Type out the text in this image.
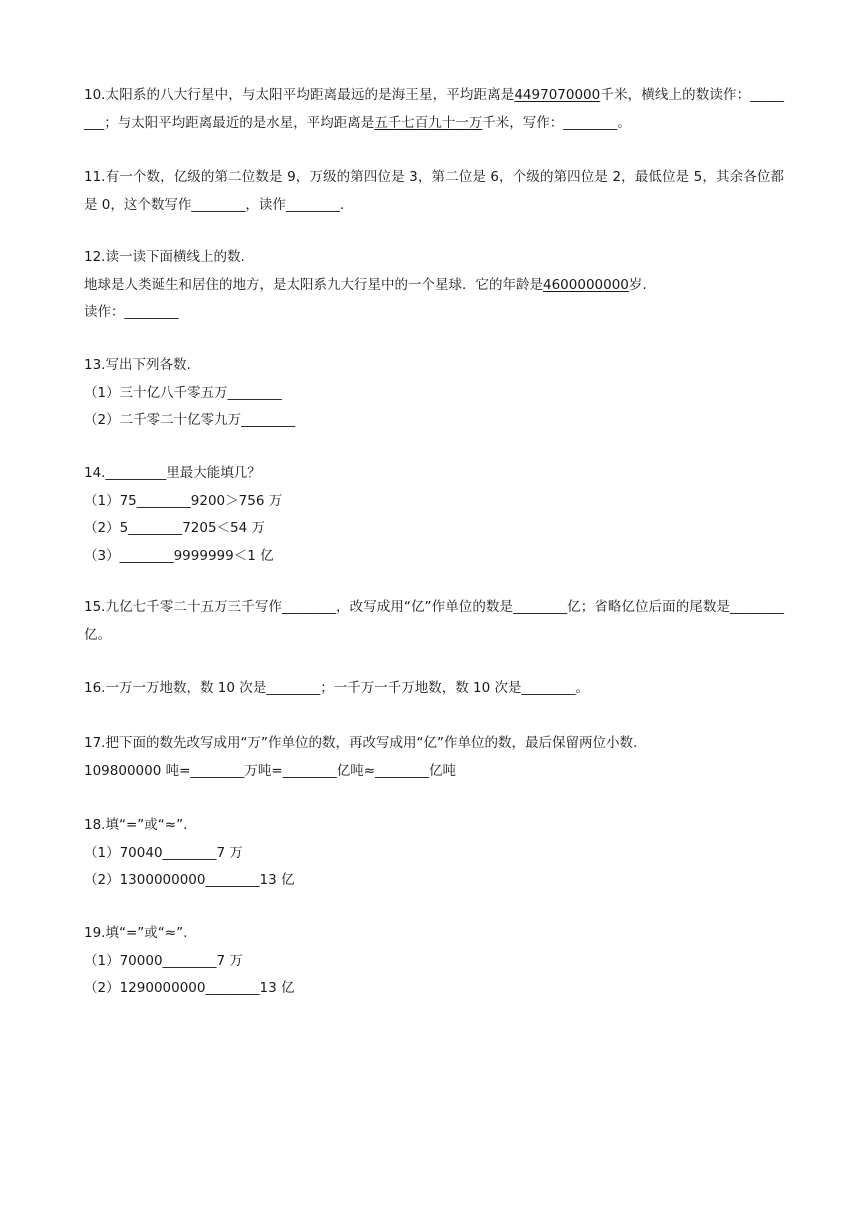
10.太阳系的八大行星中，与太阳平均距离最远的是海王星，平均距离是4497070000千米，横线上的数读作：________；与太阳平均距离最近的是水星，平均距离是五千七百九十一万千米，写作：________。
11.有一个数，亿级的第二位数是 9，万级的第四位是 3，第二位是 6，个级的第四位是 2，最低位是 5，其余各位都是 0，这个数写作________，读作________.
12.读一读下面横线上的数.
地球是人类诞生和居住的地方，是太阳系九大行星中的一个星球．它的年龄是4600000000岁.
读作：________
13.写出下列各数.
（1）三十亿八千零五万________
（2）二千零二十亿零九万________
14._________里最大能填几？
（1）75________9200＞756 万
（2）5________7205＜54 万
（3）________9999999＜1 亿
15.九亿七千零二十五万三千写作________，改写成用“亿”作单位的数是________亿；省略亿位后面的尾数是________亿。
16.一万一万地数，数 10 次是________；一千万一千万地数，数 10 次是________。
17.把下面的数先改写成用“万”作单位的数，再改写成用“亿”作单位的数，最后保留两位小数.
109800000 吨=________万吨=________亿吨≈________亿吨
18.填“=”或“≈”.
（1）70040________7 万
（2）1300000000________13 亿
19.填“=”或“≈”.
（1）70000________7 万
（2）1290000000________13 亿
